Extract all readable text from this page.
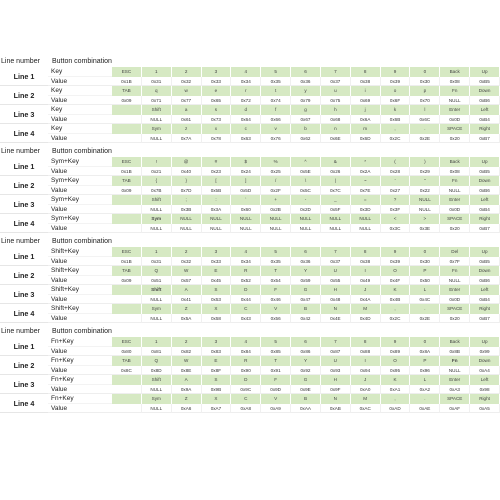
Line number	Button combination
Line 1
Key	ESC	1	2	3	4	5	6	7	8	9	0	Back	Up
Value	0x1B	0x31	0x32	0x33	0x34	0x35	0x36	0x37	0x38	0x39	0x30	0x08	0xB5
Line 2
Key	TAB	q	w	e	r	t	y	u	i	o	p	Fn	Down
Value	0x09	0x71	0x77	0x65	0x72	0x74	0x79	0x75	0x69	0x6F	0x70	NULL	0xB6
Line 3
Key	Shift	a	s	d	f	g	h	j	k	l	Enter	Left
Value	NULL	0x61	0x73	0x64	0x66	0x67	0x68	0x6A	0x6B	0x6C	0x0D	0xB4
Line 4
Key	Sym	z	x	c	v	b	n	m	,	.	SPACE	Right
Value	NULL	0x7A	0x78	0x63	0x76	0x62	0x6E	0x6D	0x2C	0x2E	0x20	0xB7
Line number	Button combination
Line 1
Sym+Key	ESC	!	@	#	$	%	^	&	*	(	)	Back	Up
Value	0x1B	0x21	0x40	0x23	0x24	0x25	0x5E	0x26	0x2A	0x28	0x29	0x08	0xB5
Line 2
Sym+Key	TAB	{	}	[	]	/	\	|	~	'	"	Fn	Down
Value	0x09	0x7B	0x7D	0x5B	0x5D	0x2F	0x5C	0x7C	0x7E	0x27	0x22	NULL	0xB6
Line 3
Sym+Key	Shift	;	:	`	+	-	_	=	?	NULL	Enter	Left
Value	NULL	0x3B	0x3A	0x60	0x2B	0x2D	0x5F	0x3D	0x3F	NULL	0x0D	0xB4
Line 4
Sym+Key	Sym	NULL	NULL	NULL	NULL	NULL	NULL	NULL	<	>	SPACE	Right
Value	NULL	NULL	NULL	NULL	NULL	NULL	NULL	NULL	0x3C	0x3E	0x20	0xB7
Line number	Button combination
Line 1
Shift+Key	ESC	1	2	3	4	5	6	7	8	9	0	Del	Up
Value	0x1B	0x31	0x32	0x33	0x34	0x35	0x36	0x37	0x38	0x39	0x30	0x7F	0xB5
Line 2
Shift+Key	TAB	Q	W	E	R	T	Y	U	I	O	P	Fn	Down
Value	0x09	0x51	0x57	0x45	0x52	0x54	0x59	0x55	0x49	0x4F	0x50	NULL	0xB6
Line 3
Shift+Key	Shift	A	S	D	F	G	H	J	K	L	Enter	Left
Value	NULL	0x41	0x53	0x44	0x46	0x47	0x48	0x4A	0x4B	0x4C	0x0D	0xB4
Line 4
Shift+Key	Sym	Z	X	C	V	B	N	M	,	.	SPACE	Right
Value	NULL	0x5A	0x58	0x43	0x56	0x42	0x4E	0x4D	0x2C	0x2E	0x20	0xB7
Line number	Button combination
Line 1
Fn+Key	ESC	1	2	3	4	5	6	7	8	9	0	Back	Up
Value	0x80	0x81	0x82	0x83	0x84	0x85	0x86	0x87	0x88	0x89	0x8A	0x8B	0x99
Line 2
Fn+Key	TAB	Q	W	E	R	T	Y	U	I	O	P	Fn	Down
Value	0x8C	0x8D	0x8E	0x8F	0x90	0x91	0x92	0x93	0x94	0x95	0x96	NULL	0xA4
Line 3
Fn+Key	Shift	A	S	D	F	G	H	J	K	L	Enter	Left
Value	NULL	0x9A	0x9B	0x9C	0x9D	0x9E	0x9F	0xA0	0xA1	0xA2	0xA3	0x98
Line 4
Fn+Key	Sym	Z	X	C	V	B	N	M	,	.	SPACE	Right
Value	NULL	0xA6	0xA7	0xA8	0xA9	0xAA	0xAB	0xAC	0xAD	0xAE	0xAF	0xA5
